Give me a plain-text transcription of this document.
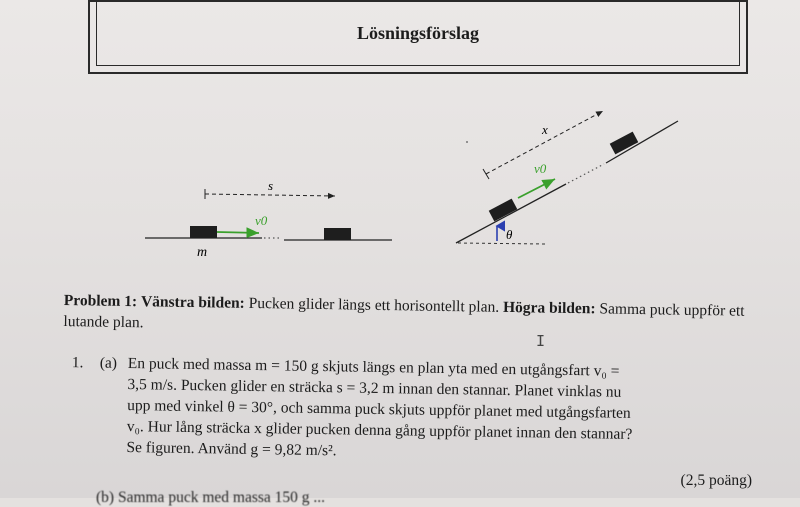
Lösningsförslag
s
v0
m
x
v0
θ
Problem 1: Vänstra bilden: Pucken glider längs ett horisontellt plan. Högra bilden: Samma puck uppför ett lutande plan.
I
1. (a) En puck med massa m = 150 g skjuts längs en plan yta med en utgångsfart v₀ =
3,5 m/s. Pucken glider en sträcka s = 3,2 m innan den stannar. Planet vinklas nu
upp med vinkel θ = 30°, och samma puck skjuts uppför planet med utgångsfarten
v₀. Hur lång sträcka x glider pucken denna gång uppför planet innan den stannar?
Se figuren. Använd g = 9,82 m/s².
(2,5 poäng)
(b) Samma puck med massa 150 g ...
